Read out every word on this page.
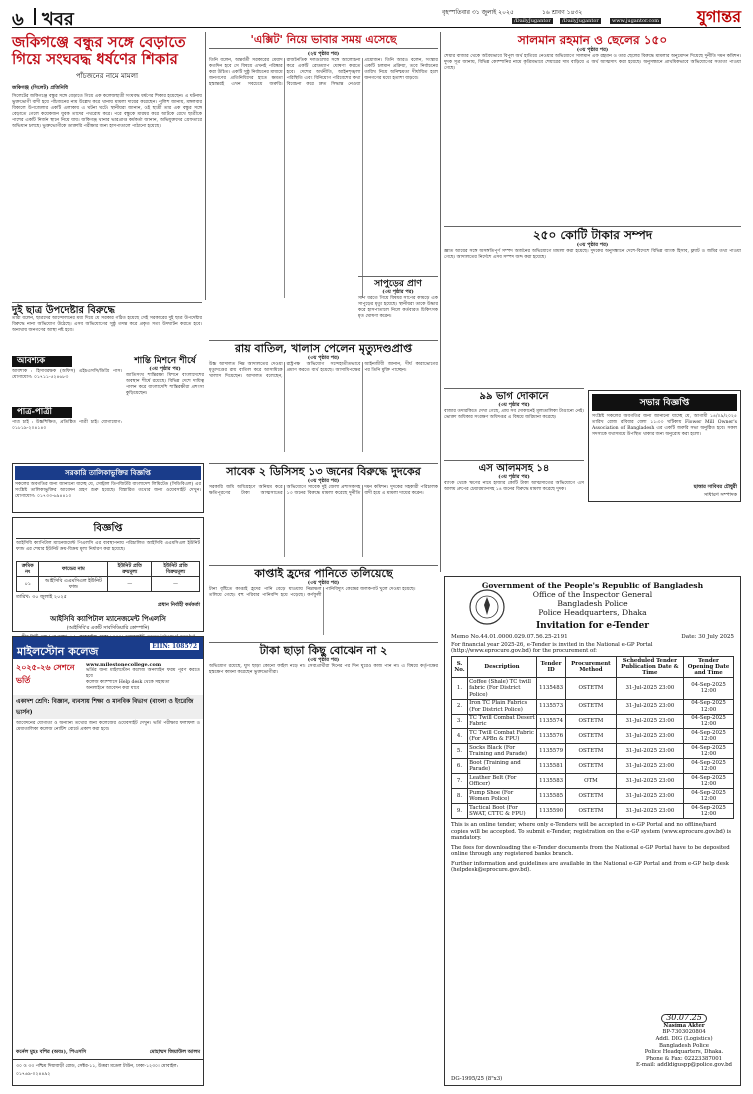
৬ খবর	বৃহস্পতিবার ৩১ জুলাই ২০২৫	১৬ শ্রাবণ ১৪৩২	যুগান্তর
/DailyJugantor	/DailyJugantor	www.jugantor.com
জকিগঞ্জে বন্ধুর সঙ্গে বেড়াতে গিয়ে সংঘবদ্ধ ধর্ষণের শিকার
পাঁচজনের নামে মামলা
জকিগঞ্জ (সিলেট) প্রতিনিধি
সিলেটের জকিগঞ্জে বন্ধুর সঙ্গে বেড়াতে গিয়ে এক কলেজছাত্রী সংঘবদ্ধ ধর্ষণের শিকার হয়েছেন। এ ঘটনায় ভুক্তভোগী বাদী হয়ে পাঁচজনের নাম উল্লেখ করে থানায় মামলা দায়ের করেছেন। পুলিশ জানায়, মঙ্গলবার বিকালে উপজেলার একটি এলাকায় এ ঘটনা ঘটে। স্থানীয়রা জানান, ওই ছাত্রী তার এক বন্ধুর সঙ্গে বেড়াতে গেলে কয়েকজন যুবক তাদের পথরোধ করে। পরে বন্ধুকে মারধর করে আটকে রেখে ছাত্রীকে পাশের একটি নির্জন স্থানে নিয়ে যায়। জকিগঞ্জ থানার ভারপ্রাপ্ত কর্মকর্তা জানান, অভিযুক্তদের গ্রেফতারে অভিযান চলছে। ভুক্তভোগীকে ডাক্তারি পরীক্ষার জন্য হাসপাতালে পাঠানো হয়েছে।
'এক্সিট' নিয়ে ভাবার সময় এসেছে
(২য় পৃষ্ঠার পর)
তিনি বলেন, অন্তর্বর্তী সরকারের মেয়াদ কতদিন হবে সে বিষয়ে এখনই পরিষ্কার করা উচিত। একটি সুষ্ঠু নির্বাচনের মাধ্যমে জনগণের প্রতিনিধিদের হাতে ক্ষমতা হস্তান্তরই এখন সবচেয়ে জরুরি। রাজনৈতিক দলগুলোর সঙ্গে আলোচনা করে একটি রোডম্যাপ ঘোষণা করতে হবে। দেশের অর্থনীতি, আইনশৃঙ্খলা পরিস্থিতি এবং বিনিয়োগ পরিবেশের কথা বিবেচনা করে দ্রুত সিদ্ধান্ত নেওয়া প্রয়োজন। তিনি আরও বলেন, সংস্কার একটি চলমান প্রক্রিয়া, তবে নির্বাচনের তারিখ নিয়ে অনিশ্চয়তা দীর্ঘায়িত হলে জনগণের মধ্যে হতাশা বাড়বে।
সালমান রহমান ও ছেলের ১৫০
(৩য় পৃষ্ঠার পর)
শেয়ার বাজার থেকে অবৈধভাবে বিপুল অর্থ হাতিয়ে নেওয়ার অভিযোগে সালমান এফ রহমান ও তার ছেলের বিরুদ্ধে মামলার অনুমোদন দিয়েছে দুর্নীতি দমন কমিশন। দুদক সূত্র জানায়, বিভিন্ন কোম্পানির নামে কৃত্রিমভাবে শেয়ারের দাম বাড়িয়ে এ অর্থ আত্মসাৎ করা হয়েছে। অনুসন্ধানে প্রাথমিকভাবে অভিযোগের সত্যতা পাওয়া গেছে।
২৫০ কোটি টাকার সম্পদ
(৩য় পৃষ্ঠার পর)
জ্ঞাত আয়ের সঙ্গে অসঙ্গতিপূর্ণ সম্পদ অর্জনের অভিযোগে মামলা করা হয়েছে। দুদকের অনুসন্ধানে দেশে-বিদেশে বিভিন্ন ব্যাংক হিসাব, ফ্ল্যাট ও জমির তথ্য পাওয়া গেছে। আদালতের নির্দেশে এসব সম্পদ জব্দ করা হয়েছে।
সাপুড়ের প্রাণ
(৩য় পৃষ্ঠার পর)
সাপ ধরতে গিয়ে বিষধর সাপের কামড়ে এক সাপুড়ের মৃত্যু হয়েছে। স্থানীয়রা তাকে উদ্ধার করে হাসপাতালে নিলে কর্তব্যরত চিকিৎসক মৃত ঘোষণা করেন।
দুই ছাত্র উপদেষ্টার বিরুদ্ধে
তারা বলেন, ছাত্রদের আন্দোলনের মধ্য দিয়ে যে সরকার গঠিত হয়েছে সেই সরকারের দুই ছাত্র উপদেষ্টার বিরুদ্ধে নানা অভিযোগ উঠেছে। এসব অভিযোগের সুষ্ঠু তদন্ত করে প্রকৃত সত্য উদঘাটন করতে হবে। অন্যথায় জনগণের আস্থা নষ্ট হবে।
আবশ্যক
আবশ্যক : হিসাবরক্ষক (অফিস) এইচএসসি/ডিগ্রি পাস। যোগাযোগ: ০১৭১১-৫২৪৬৮৩
পাত্র-পাত্রী
পাত্র চাই : উচ্চশিক্ষিত, প্রতিষ্ঠিত পাত্রী চাই। যোগাযোগ: ০১৮১৯-২০৪১৪০
শান্তি মিশনে শীর্ষে
(৩য় পৃষ্ঠার পর)
জাতিসংঘ শান্তিরক্ষা মিশনে বাংলাদেশের অবস্থান শীর্ষে রয়েছে। বিভিন্ন দেশে দায়িত্ব পালন করে বাংলাদেশি শান্তিরক্ষীরা প্রশংসা কুড়িয়েছেন।
রায় বাতিল, খালাস পেলেন মৃত্যুদণ্ডপ্রাপ্ত
(৩য় পৃষ্ঠার পর)
উচ্চ আদালত নিম্ন আদালতের দেওয়া মৃত্যুদণ্ডের রায় বাতিল করে আসামিকে খালাস দিয়েছেন। আদালত বলেছেন, রাষ্ট্রপক্ষ অভিযোগ সন্দেহাতীতভাবে প্রমাণ করতে ব্যর্থ হয়েছে। আসামিপক্ষের আইনজীবী জানান, দীর্ঘ কারাভোগের পর তিনি মুক্তি পাচ্ছেন।
৯৯ ভাগ দোকানে
(৩য় পৃষ্ঠার পর)
বাজার তদারকিতে দেখা গেছে, প্রায় সব দোকানেই মূল্যতালিকা টাঙানো নেই। ভোক্তা অধিকার সংরক্ষণ অধিদপ্তর এ বিষয়ে জরিমানা করেছে।
এস আলমসহ ১৪
(৩য় পৃষ্ঠার পর)
ব্যাংক থেকে ঋণের নামে হাজার কোটি টাকা আত্মসাতের অভিযোগে এস আলম গ্রুপের চেয়ারম্যানসহ ১৪ জনের বিরুদ্ধে মামলা করেছে দুদক।
সভার বিজ্ঞপ্তি
সংশ্লিষ্ট সকলের অবগতির জন্য জানানো যাচ্ছে যে, আগামী ১৪/০৯/২০২৫ তারিখ রোজ রবিবার বেলা ১১:০০ ঘটিকায় Flower Mill Owner's Association of Bangladesh এর একটি জরুরি সভা অনুষ্ঠিত হবে। সকল সদস্যকে যথাসময়ে উপস্থিত থাকার জন্য অনুরোধ করা হলো।
ছাত্তার সাবিবর চৌধুরী
সাধারণ সম্পাদক
সরকারি তালিকাভুক্তির বিজ্ঞপ্তি
সকলের অবগতির জন্য জানানো যাচ্ছে যে, সেন্ট্রাল ডিপজিটরি বাংলাদেশ লিমিটেড (সিডিবিএল) এর সংশ্লিষ্ট তালিকাভুক্তির আবেদন গ্রহণ শুরু হয়েছে। বিস্তারিত তথ্যের জন্য ওয়েবসাইট দেখুন। যোগাযোগ: ০১৭৩৩-৬৯৪৪১০
সাবেক ২ ডিসিসহ ১৩ জনের বিরুদ্ধে দুদকের
(৩য় পৃষ্ঠার পর)
সরকারি জমি অধিগ্রহণে অনিয়ম করে ক্ষতিপূরণের টাকা আত্মসাতের অভিযোগে সাবেক দুই জেলা প্রশাসকসহ ১৩ জনের বিরুদ্ধে মামলা করেছে দুর্নীতি দমন কমিশন। দুদকের সহকারী পরিচালক বাদী হয়ে এ মামলা দায়ের করেন।
বিজ্ঞপ্তি
আইসিবি ক্যাপিটাল ম্যানেজমেন্ট পিএলসি এর ব্যবস্থাপনায় পরিচালিত আইসিবি এএমসিএল ইউনিট ফান্ড এর শেয়ার ইউনিট ক্রয়-বিক্রয় মূল্য নির্ধারণ করা হয়েছে।
ক্রমিক নং	ফান্ডের নাম	ইউনিট প্রতি ক্রয়মূল্য	ইউনিট প্রতি বিক্রয়মূল্য
০১	আইসিবি এএমসিএল ইউনিট ফান্ড	—	—
তারিখ: ৩০ জুলাই ২০২৫
প্রধান নির্বাহী কর্মকর্তা
আইসিবি ক্যাপিটাল ম্যানেজমেন্ট পিএলসি
(আইসিবি'র একটি সাবসিডিয়ারি কোম্পানি)
কাপ্তাই হ্রদের পানিতে তলিয়েছে
(৩য় পৃষ্ঠার পর)
টানা বৃষ্টিতে কাপ্তাই হ্রদের পানি বেড়ে যাওয়ায় নিম্নাঞ্চল তলিয়ে গেছে। বহু পরিবার পানিবন্দি হয়ে পড়েছে। কর্ণফুলী পানিবিদ্যুৎ কেন্দ্রের জলকপাট খুলে দেওয়া হয়েছে।
টাকা ছাড়া কিছু বোঝেন না ২
(৩য় পৃষ্ঠার পর)
অভিযোগ রয়েছে, ঘুস ছাড়া কোনো ফাইল নড়ে না। সেবাপ্রার্থীরা দিনের পর দিন ঘুরেও কাজ পান না। এ বিষয়ে কর্তৃপক্ষের হস্তক্ষেপ কামনা করেছেন ভুক্তভোগীরা।
মাইলস্টোন কলেজ	EIIN: 108572
২০২৫-২৬ সেশনে ভর্তি
www.milestonecollege.com
ভর্তির জন্য মাইলস্টোন কলেজ অনলাইন ফরম পূরণ করতে হবে
কলেজ ক্যাম্পাসে Help desk থেকে সহায়তা
অনলাইনে আবেদন করা যাবে
একাদশ শ্রেণি: বিজ্ঞান, ব্যবসায় শিক্ষা ও মানবিক বিভাগ (বাংলা ও ইংরেজি ভার্সন)
আবেদনের যোগ্যতা ও অন্যান্য তথ্যের জন্য কলেজের ওয়েবসাইট দেখুন। ভর্তি পরীক্ষার ফলাফল ও মেধাতালিকা কলেজ নোটিশ বোর্ডে প্রকাশ করা হবে।
কর্নেল মুহঃ বশির (অবঃ), পিএসসি	মোহাম্মদ জিয়াউল আলম
৩০ ও ৩৩ পশ্চিম দিয়াবাড়ী রোড, সেক্টর-১১, উত্তরা মডেল টাউন, ঢাকা-১২৩০। মোবাইল: ০১৭৬৯-০২৪৪৯২
Government of the People's Republic of Bangladesh
Office of the Inspector General
Bangladesh Police
Police Headquarters, Dhaka
Invitation for e-Tender
Memo No.44.01.0000.029.07.56.25-2191	Date: 30 July 2025
For financial year 2025-26, e-Tender is invited in the National e-GP Portal (http://www.eprocure.gov.bd) for the procurement of:
S. No.	Description	Tender ID	Procurement Method	Scheduled Tender Publication Date & Time	Tender Opening Date and Time
1.	Coffee (Shale) TC twill fabric (For District Police)	1135483	OSTETM	31-Jul-2025 23:00	04-Sep-2025 12:00
2.	Iron TC Plain Fabrics (For District Police)	1135573	OSTETM	31-Jul-2025 23:00	04-Sep-2025 12:00
3.	TC Twill Combat Desert Fabric	1135574	OSTETM	31-Jul-2025 23:00	04-Sep-2025 12:00
4.	TC Twill Combat Fabric (For APBn & FPU)	1135576	OSTETM	31-Jul-2025 23:00	04-Sep-2025 12:00
5.	Socks Black (For Training and Parade)	1135579	OSTETM	31-Jul-2025 23:00	04-Sep-2025 12:00
6.	Boot (Training and Parade)	1135581	OSTETM	31-Jul-2025 23:00	04-Sep-2025 12:00
7.	Leather Belt (For Officer)	1135583	OTM	31-Jul-2025 23:00	04-Sep-2025 12:00
8.	Pump Shoe (For Women Police)	1135585	OSTETM	31-Jul-2025 23:00	04-Sep-2025 12:00
9.	Tactical Boot (For SWAT, CTTC & FPU)	1135590	OSTETM	31-Jul-2025 23:00	04-Sep-2025 12:00
This is an online tender, where only e-Tenders will be accepted in e-GP Portal and no offline/hard copies will be accepted. To submit e-Tender, registration on the e-GP system (www.eprocure.gov.bd) is mandatory.
The fees for downloading the e-Tender documents from the National e-GP Portal have to be deposited online through any registered banks branch.
Further information and guidelines are available in the National e-GP Portal and from e-GP help desk (helpdesk@eprocure.gov.bd).
30.07.25
Nasima Akter
BP-7303020804
Addl. DIG (Logistics)
Bangladesh Police
Police Headquarters, Dhaka.
Phone & Fax: 02223387001
E-mail: addldiguspp@police.gov.bd
DG-1995/25 (8"x3)
